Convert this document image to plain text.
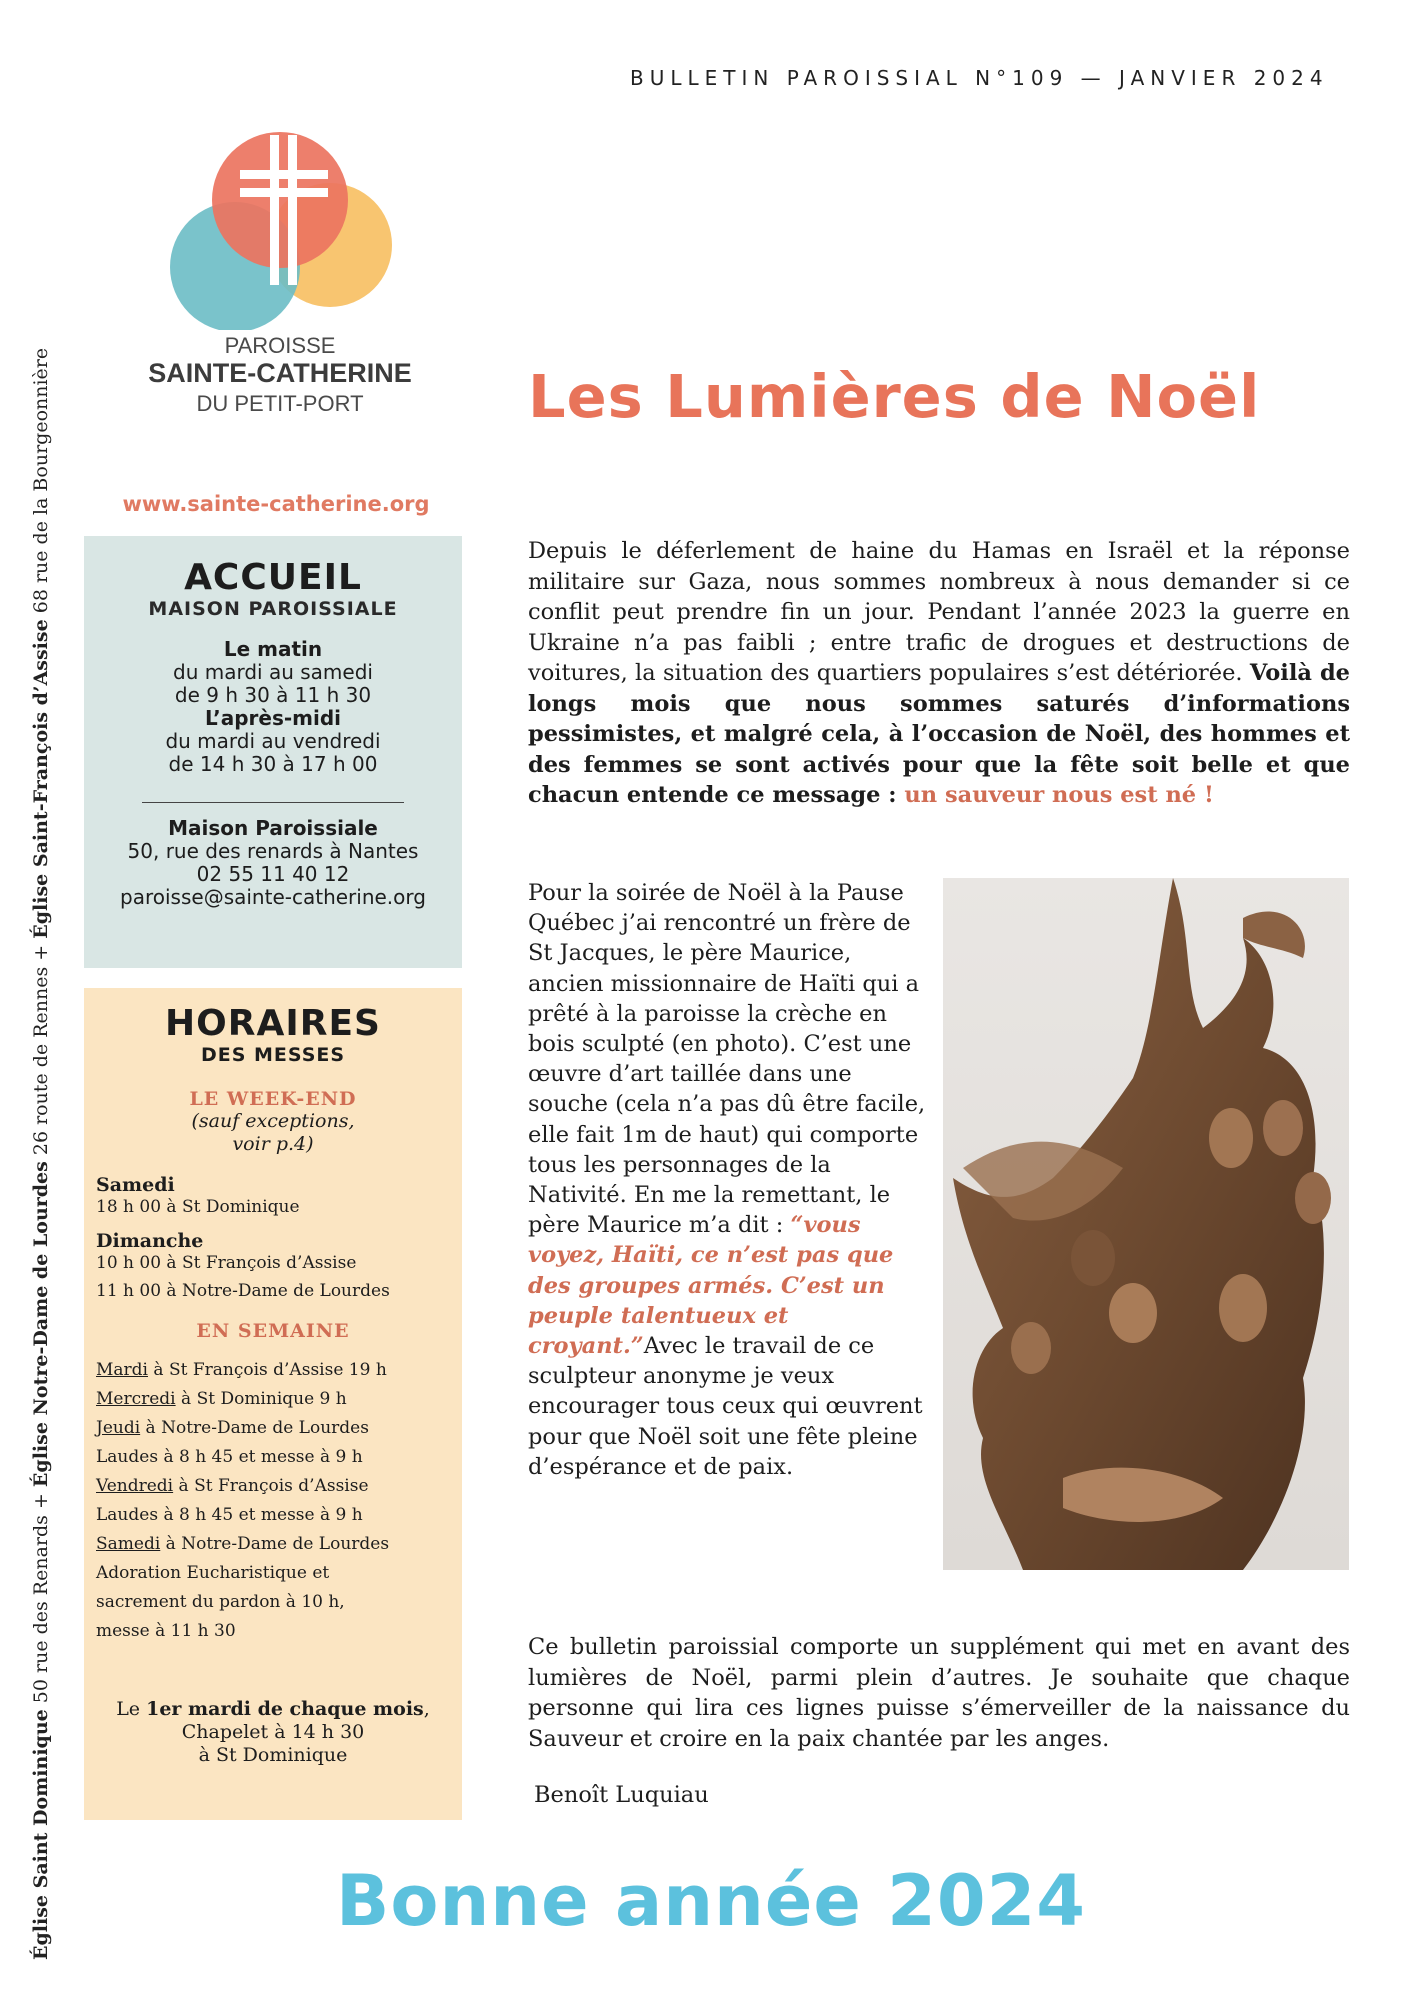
BULLETIN PAROISSIAL N°109 — JANVIER 2024
PAROISSE
SAINTE-CATHERINE
DU PETIT-PORT
www.sainte-catherine.org
Église Saint Dominique 50 rue des Renards + Église Notre-Dame de Lourdes 26 route de Rennes + Église Saint-François d’Assise 68 rue de la Bourgeonnière	ACCUEIL
MAISON PAROISSIALE
Le matin
du mardi au samedi
de 9 h 30 à 11 h 30
L’après-midi
du mardi au vendredi
de 14 h 30 à 17 h 00
Maison Paroissiale
50, rue des renards à Nantes
02 55 11 40 12
paroisse@sainte-catherine.org
HORAIRES
DES MESSES
LE WEEK-END
(sauf exceptions,
voir p.4)
Samedi
18 h 00 à St Dominique
Dimanche
10 h 00 à St François d’Assise
11 h 00 à Notre-Dame de Lourdes
EN SEMAINE
Mardi à St François d’Assise 19 h
Mercredi à St Dominique 9 h
Jeudi à Notre-Dame de Lourdes
Laudes à 8 h 45 et messe à 9 h
Vendredi à St François d’Assise
Laudes à 8 h 45 et messe à 9 h
Samedi à Notre-Dame de Lourdes
Adoration Eucharistique et
sacrement du pardon à 10 h,
messe à 11 h 30
Le 1er mardi de chaque mois,
Chapelet à 14 h 30
à St Dominique
Les Lumières de Noël
Depuis le déferlement de haine du Hamas en Israël et la réponse militaire sur Gaza, nous sommes nombreux à nous demander si ce conflit peut prendre fin un jour. Pendant l’année 2023 la guerre en Ukraine n’a pas faibli ; entre trafic de drogues et destructions de voitures, la situation des quartiers populaires s’est détériorée. Voilà de longs mois que nous sommes saturés d’informations pessimistes, et malgré cela, à l’occasion de Noël, des hommes et des femmes se sont activés pour que la fête soit belle et que chacun entende ce message : un sauveur nous est né !
Pour la soirée de Noël à la Pause Québec j’ai rencontré un frère de St Jacques, le père Maurice, ancien missionnaire de Haïti qui a prêté à la paroisse la crèche en bois sculpté (en photo). C’est une œuvre d’art taillée dans une souche (cela n’a pas dû être facile, elle fait 1m de haut) qui comporte tous les personnages de la Nativité. En me la remettant, le père Maurice m’a dit : “vous voyez, Haïti, ce n’est pas que des groupes armés. C’est un peuple talentueux et croyant.”Avec le travail de ce sculpteur anonyme je veux encourager tous ceux qui œuvrent pour que Noël soit une fête pleine d’espérance et de paix.
Ce bulletin paroissial comporte un supplément qui met en avant des lumières de Noël, parmi plein d’autres. Je souhaite que chaque personne qui lira ces lignes puisse s’émerveiller de la naissance du Sauveur et croire en la paix chantée par les anges.
Benoît Luquiau
Bonne année 2024
